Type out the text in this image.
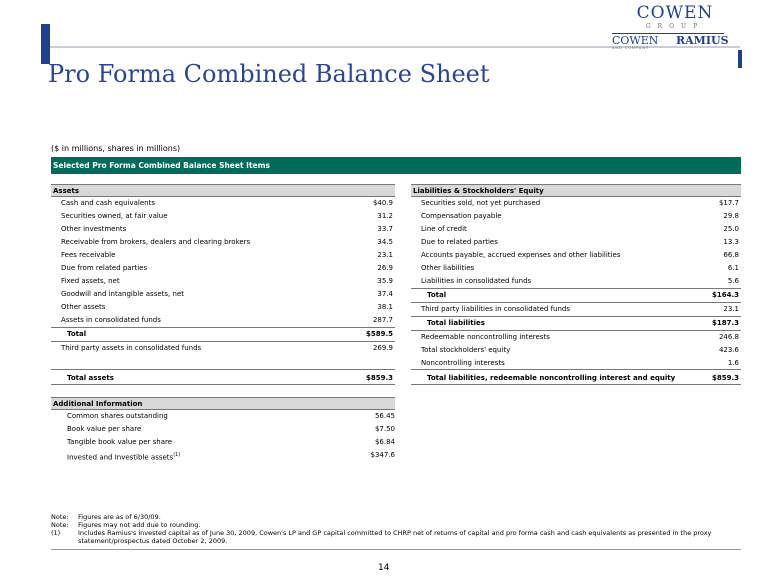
Pro Forma Combined Balance Sheet
COWEN
GROUP
COWEN RAMIUS
AND COMPANY
($ in millions, shares in millions)
Selected Pro Forma Combined Balance Sheet Items
Assets
Cash and cash equivalents	$40.9
Securities owned, at fair value	31.2
Other investments	33.7
Receivable from brokers, dealers and clearing brokers	34.5
Fees receivable	23.1
Due from related parties	26.9
Fixed assets, net	35.9
Goodwill and intangible assets, net	37.4
Other assets	38.1
Assets in consolidated funds	287.7
Total	$589.5
Third party assets in consolidated funds	269.9
Total assets	$859.3
Liabilities & Stockholders' Equity
Securities sold, not yet purchased	$17.7
Compensation payable	29.8
Line of credit	25.0
Due to related parties	13.3
Accounts payable, accrued expenses and other liabilities	66.8
Other liabilities	6.1
Liabilities in consolidated funds	5.6
Total	$164.3
Third party liabilities in consolidated funds	23.1
Total liabilities	$187.3
Redeemable noncontrolling interests	246.8
Total stockholders' equity	423.6
Noncontrolling interests	1.6
Total liabilities, redeemable noncontrolling interest and equity	$859.3
Additional Information
Common shares outstanding	56.45
Book value per share	$7.50
Tangible book value per share	$6.84
Invested and Investible assets$^{(1)}$	$347.6
Note: Figures are as of 6/30/09.
Note: Figures may not add due to rounding.
(1)	Includes Ramius's invested capital as of June 30, 2009, Cowen's LP and GP capital committed to CHRP net of returns of capital and pro forma cash and cash equivalents as presented in the proxy
statement/prospectus dated October 2, 2009.
14
